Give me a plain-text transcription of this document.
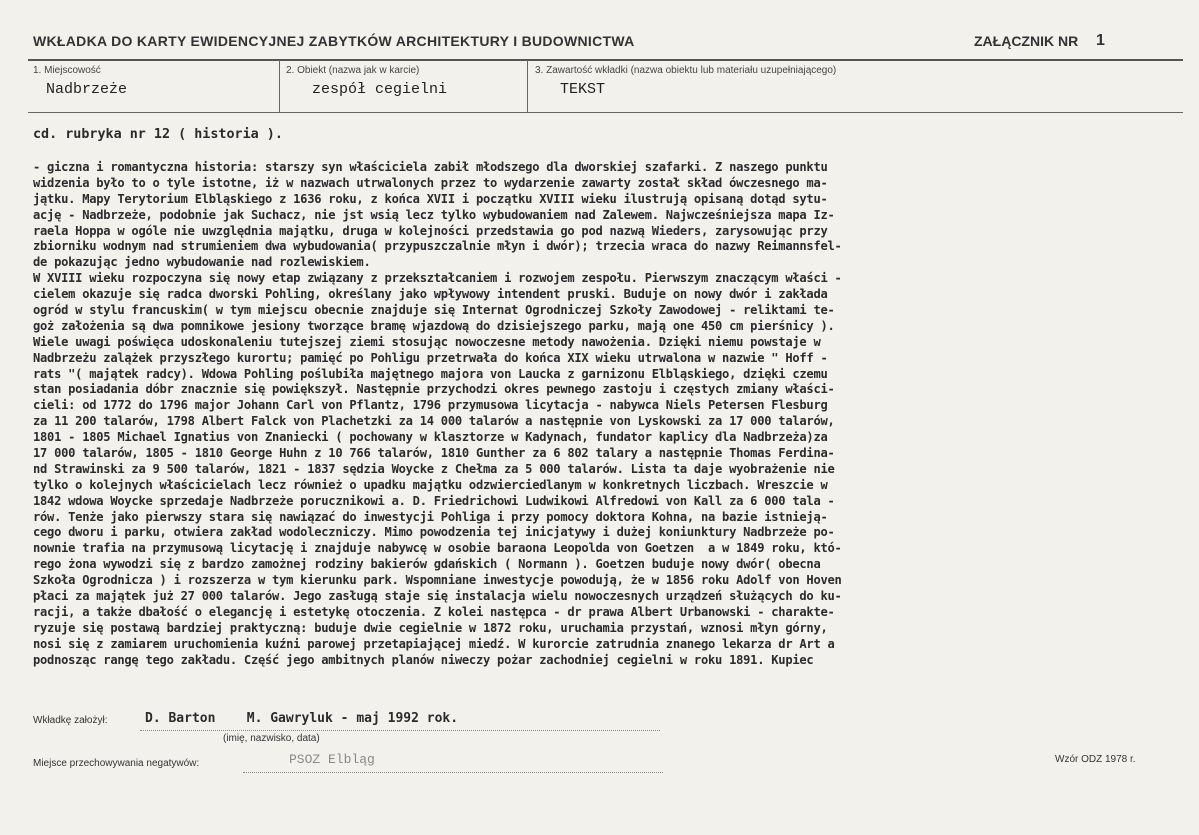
WKŁADKA DO KARTY EWIDENCYJNEJ ZABYTKÓW ARCHITEKTURY I BUDOWNICTWA	ZAŁĄCZNIK NR 1
1. Miejscowość
Nadbrzeże
2. Obiekt (nazwa jak w karcie)
zespół cegielni
3. Zawartość wkładki (nazwa obiektu lub materiału uzupełniającego)
TEKST
cd. rubryka nr 12 ( historia ).
- giczna i romantyczna historia: starszy syn właściciela zabił młodszego dla dworskiej szafarki. Z naszego punktu
widzenia było to o tyle istotne, iż w nazwach utrwalonych przez to wydarzenie zawarty został skład ówczesnego ma-
jątku. Mapy Terytorium Elbląskiego z 1636 roku, z końca XVII i początku XVIII wieku ilustrują opisaną dotąd sytu-
ację - Nadbrzeże, podobnie jak Suchacz, nie jst wsią lecz tylko wybudowaniem nad Zalewem. Najwcześniejsza mapa Iz-
raela Hoppa w ogóle nie uwzględnia majątku, druga w kolejności przedstawia go pod nazwą Wieders, zarysowując przy
zbiorniku wodnym nad strumieniem dwa wybudowania( przypuszczalnie młyn i dwór); trzecia wraca do nazwy Reimannsfel-
de pokazując jedno wybudowanie nad rozlewiskiem.
W XVIII wieku rozpoczyna się nowy etap związany z przekształcaniem i rozwojem zespołu. Pierwszym znaczącym właści -
cielem okazuje się radca dworski Pohling, określany jako wpływowy intendent pruski. Buduje on nowy dwór i zakłada
ogród w stylu francuskim( w tym miejscu obecnie znajduje się Internat Ogrodniczej Szkoły Zawodowej - reliktami te-
goż założenia są dwa pomnikowe jesiony tworzące bramę wjazdową do dzisiejszego parku, mają one 450 cm pierśnicy ).
Wiele uwagi poświęca udoskonaleniu tutejszej ziemi stosując nowoczesne metody nawożenia. Dzięki niemu powstaje w
Nadbrzeżu zalążek przyszłego kurortu; pamięć po Pohligu przetrwała do końca XIX wieku utrwalona w nazwie " Hoff -
rats "( majątek radcy). Wdowa Pohling poślubiła majętnego majora von Laucka z garnizonu Elbląskiego, dzięki czemu
stan posiadania dóbr znacznie się powiększył. Następnie przychodzi okres pewnego zastoju i częstych zmiany właści-
cieli: od 1772 do 1796 major Johann Carl von Pflantz, 1796 przymusowa licytacja - nabywca Niels Petersen Flesburg
za 11 200 talarów, 1798 Albert Falck von Plachetzki za 14 000 talarów a następnie von Lyskowski za 17 000 talarów,
1801 - 1805 Michael Ignatius von Znaniecki ( pochowany w klasztorze w Kadynach, fundator kaplicy dla Nadbrzeża)za
17 000 talarów, 1805 - 1810 George Huhn z 10 766 talarów, 1810 Gunther za 6 802 talary a następnie Thomas Ferdina-
nd Strawinski za 9 500 talarów, 1821 - 1837 sędzia Woycke z Chełma za 5 000 talarów. Lista ta daje wyobrażenie nie
tylko o kolejnych właścicielach lecz również o upadku majątku odzwierciedlanym w konkretnych liczbach. Wreszcie w
1842 wdowa Woycke sprzedaje Nadbrzeże porucznikowi a. D. Friedrichowi Ludwikowi Alfredowi von Kall za 6 000 tala -
rów. Tenże jako pierwszy stara się nawiązać do inwestycji Pohliga i przy pomocy doktora Kohna, na bazie istnieją-
cego dworu i parku, otwiera zakład wodoleczniczy. Mimo powodzenia tej inicjatywy i dużej koniunktury Nadbrzeże po-
nownie trafia na przymusową licytację i znajduje nabywcę w osobie baraona Leopolda von Goetzen  a w 1849 roku, któ-
rego żona wywodzi się z bardzo zamożnej rodziny bakierów gdańskich ( Normann ). Goetzen buduje nowy dwór( obecna
Szkoła Ogrodnicza ) i rozszerza w tym kierunku park. Wspomniane inwestycje powodują, że w 1856 roku Adolf von Hoven
płaci za majątek już 27 000 talarów. Jego zasługą staje się instalacja wielu nowoczesnych urządzeń służących do ku-
racji, a także dbałość o elegancję i estetykę otoczenia. Z kolei następca - dr prawa Albert Urbanowski - charakte-
ryzuje się postawą bardziej praktyczną: buduje dwie cegielnie w 1872 roku, uruchamia przystań, wznosi młyn górny,
nosi się z zamiarem uruchomienia kuźni parowej przetapiającej miedź. W kurorcie zatrudnia znanego lekarza dr Art a
podnosząc rangę tego zakładu. Część jego ambitnych planów niweczy pożar zachodniej cegielni w roku 1891. Kupiec
Wkładkę założył:	D. Barton    M. Gawryluk - maj 1992 rok.
(imię, nazwisko, data)
Miejsce przechowywania negatywów:	PSOZ Elbląg	Wzór ODZ 1978 r.
